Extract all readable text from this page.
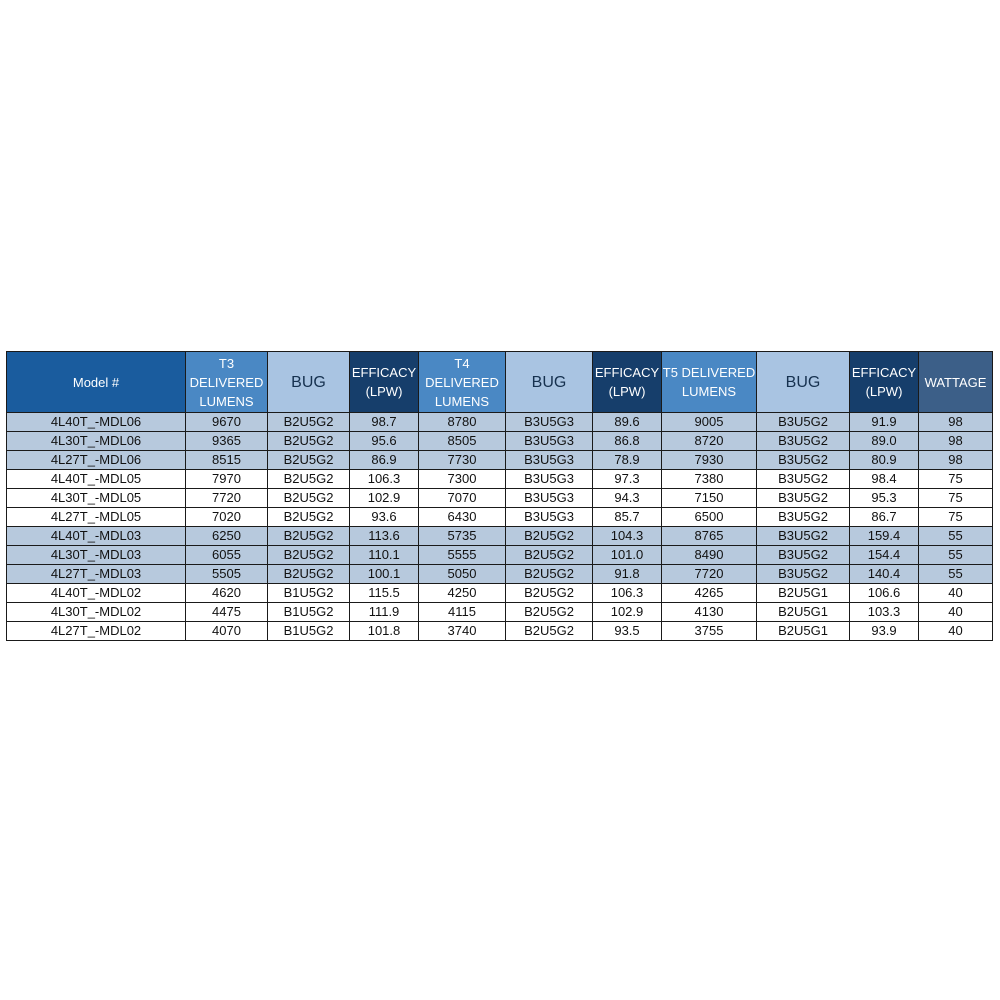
Model #	T3
DELIVERED
LUMENS	BUG	EFFICACY
(LPW)	T4
DELIVERED
LUMENS	BUG	EFFICACY
(LPW)	T5 DELIVERED
LUMENS	BUG	EFFICACY
(LPW)	WATTAGE
4L40T_-MDL06	9670	B2U5G2	98.7	8780	B3U5G3	89.6	9005	B3U5G2	91.9	98
4L30T_-MDL06	9365	B2U5G2	95.6	8505	B3U5G3	86.8	8720	B3U5G2	89.0	98
4L27T_-MDL06	8515	B2U5G2	86.9	7730	B3U5G3	78.9	7930	B3U5G2	80.9	98
4L40T_-MDL05	7970	B2U5G2	106.3	7300	B3U5G3	97.3	7380	B3U5G2	98.4	75
4L30T_-MDL05	7720	B2U5G2	102.9	7070	B3U5G3	94.3	7150	B3U5G2	95.3	75
4L27T_-MDL05	7020	B2U5G2	93.6	6430	B3U5G3	85.7	6500	B3U5G2	86.7	75
4L40T_-MDL03	6250	B2U5G2	113.6	5735	B2U5G2	104.3	8765	B3U5G2	159.4	55
4L30T_-MDL03	6055	B2U5G2	110.1	5555	B2U5G2	101.0	8490	B3U5G2	154.4	55
4L27T_-MDL03	5505	B2U5G2	100.1	5050	B2U5G2	91.8	7720	B3U5G2	140.4	55
4L40T_-MDL02	4620	B1U5G2	115.5	4250	B2U5G2	106.3	4265	B2U5G1	106.6	40
4L30T_-MDL02	4475	B1U5G2	111.9	4115	B2U5G2	102.9	4130	B2U5G1	103.3	40
4L27T_-MDL02	4070	B1U5G2	101.8	3740	B2U5G2	93.5	3755	B2U5G1	93.9	40
